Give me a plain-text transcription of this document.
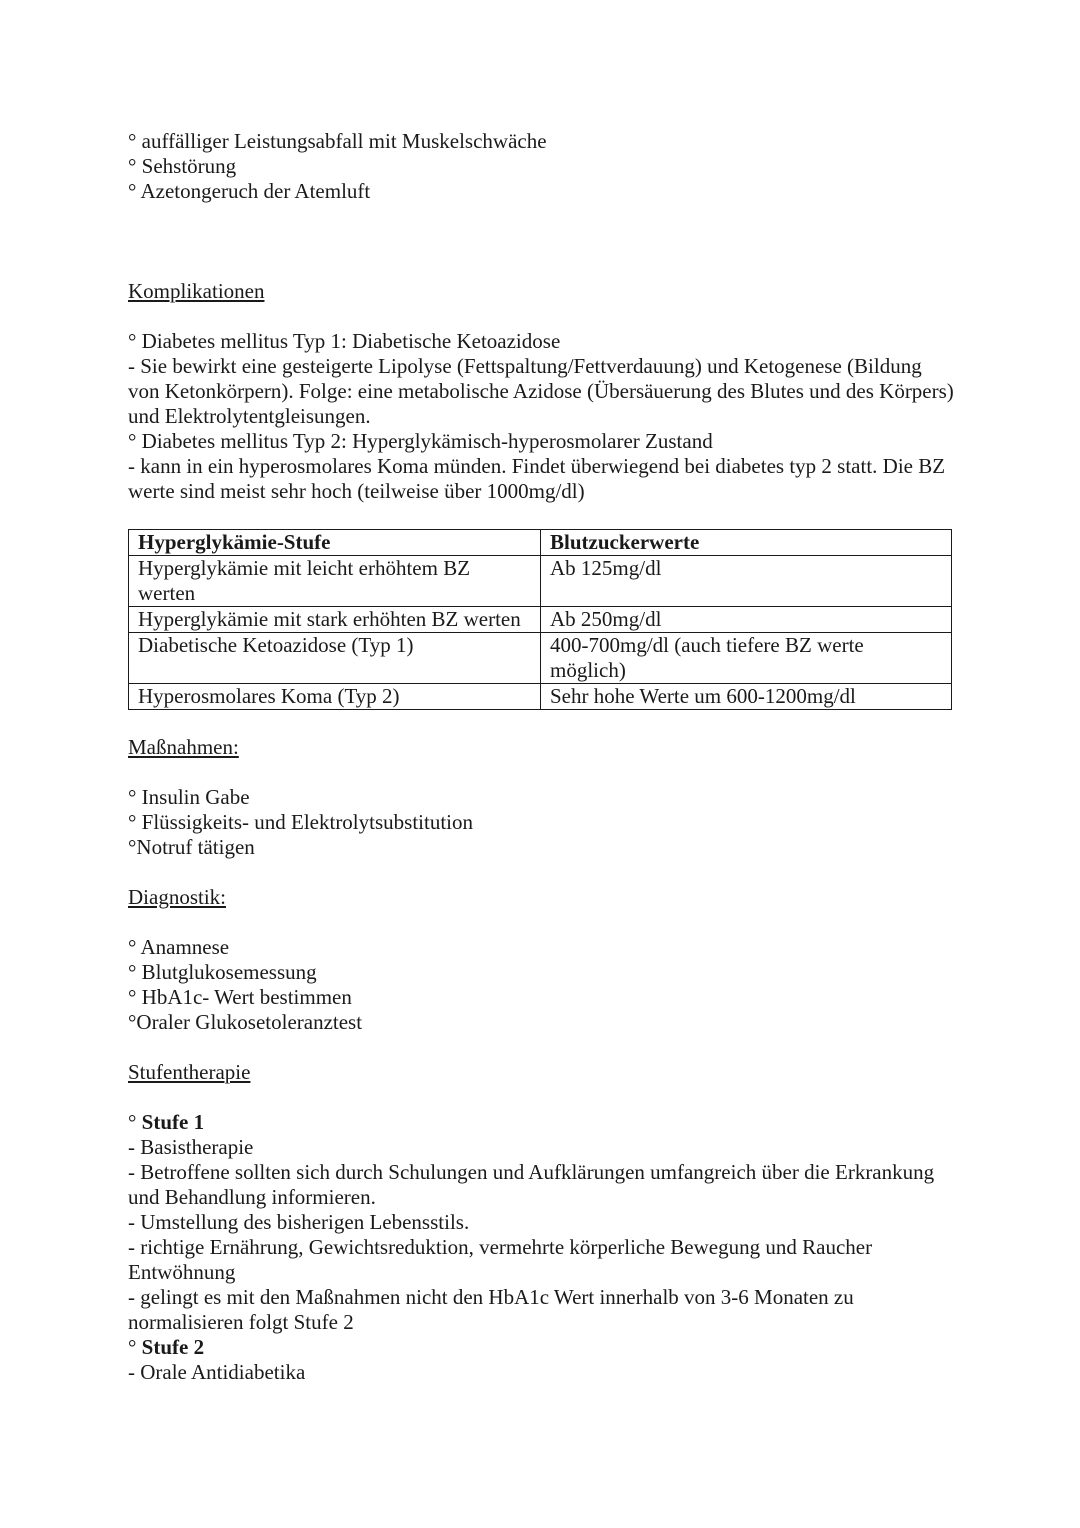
° auffälliger Leistungsabfall mit Muskelschwäche
° Sehstörung
° Azetongeruch der Atemluft
Komplikationen
° Diabetes mellitus Typ 1: Diabetische Ketoazidose
- Sie bewirkt eine gesteigerte Lipolyse (Fettspaltung/Fettverdauung) und Ketogenese (Bildung von Ketonkörpern). Folge: eine metabolische Azidose (Übersäuerung des Blutes und des Körpers) und Elektrolytentgleisungen.
° Diabetes mellitus Typ 2: Hyperglykämisch-hyperosmolarer Zustand
- kann in ein hyperosmolares Koma münden. Findet überwiegend bei diabetes typ 2 statt. Die BZ werte sind meist sehr hoch (teilweise über 1000mg/dl)
Hyperglykämie-Stufe	Blutzuckerwerte
Hyperglykämie mit leicht erhöhtem BZ werten	Ab 125mg/dl
Hyperglykämie mit stark erhöhten BZ werten	Ab 250mg/dl
Diabetische Ketoazidose (Typ 1)	400-700mg/dl (auch tiefere BZ werte möglich)
Hyperosmolares Koma (Typ 2)	Sehr hohe Werte um 600-1200mg/dl
Maßnahmen:
° Insulin Gabe
° Flüssigkeits- und Elektrolytsubstitution
°Notruf tätigen
Diagnostik:
° Anamnese
° Blutglukosemessung
° HbA1c- Wert bestimmen
°Oraler Glukosetoleranztest
Stufentherapie
° Stufe 1
- Basistherapie
- Betroffene sollten sich durch Schulungen und Aufklärungen umfangreich über die Erkrankung und Behandlung informieren.
- Umstellung des bisherigen Lebensstils.
- richtige Ernährung, Gewichtsreduktion, vermehrte körperliche Bewegung und Raucher Entwöhnung
- gelingt es mit den Maßnahmen nicht den HbA1c Wert innerhalb von 3-6 Monaten zu normalisieren folgt Stufe 2
° Stufe 2
- Orale Antidiabetika
